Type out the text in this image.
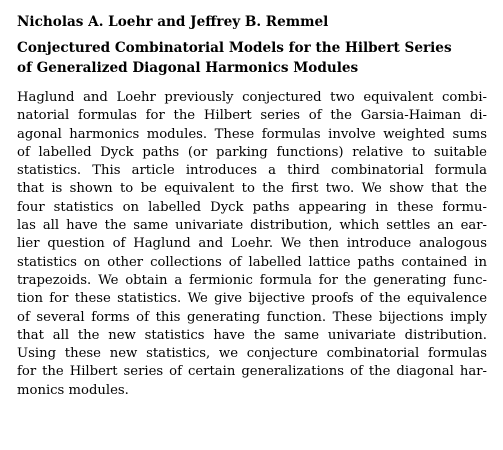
Nicholas A. Loehr and Jeffrey B. Remmel
Conjectured Combinatorial Models for the Hilbert Series
of Generalized Diagonal Harmonics Modules
Haglund and Loehr previously conjectured two equivalent combi-
natorial formulas for the Hilbert series of the Garsia-Haiman di-
agonal harmonics modules. These formulas involve weighted sums
of labelled Dyck paths (or parking functions) relative to suitable
statistics. This article introduces a third combinatorial formula
that is shown to be equivalent to the first two. We show that the
four statistics on labelled Dyck paths appearing in these formu-
las all have the same univariate distribution, which settles an ear-
lier question of Haglund and Loehr. We then introduce analogous
statistics on other collections of labelled lattice paths contained in
trapezoids. We obtain a fermionic formula for the generating func-
tion for these statistics. We give bijective proofs of the equivalence
of several forms of this generating function. These bijections imply
that all the new statistics have the same univariate distribution.
Using these new statistics, we conjecture combinatorial formulas
for the Hilbert series of certain generalizations of the diagonal har-
monics modules.
